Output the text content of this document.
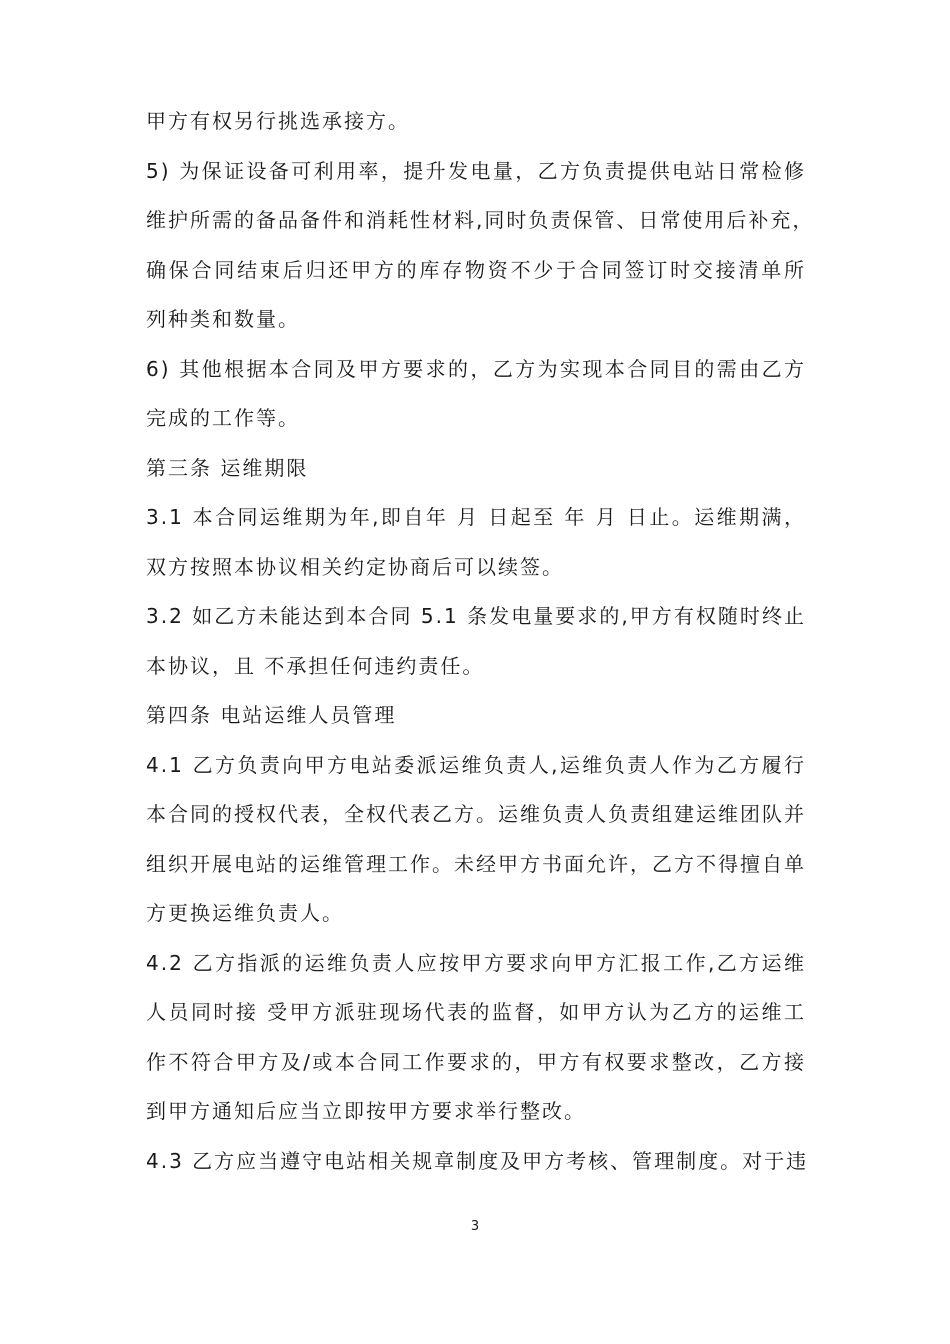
甲方有权另行挑选承接方。
5) 为保证设备可利用率，提升发电量，乙方负责提供电站日常检修
维护所需的备品备件和消耗性材料,同时负责保管、日常使用后补充，
确保合同结束后归还甲方的库存物资不少于合同签订时交接清单所
列种类和数量。
6) 其他根据本合同及甲方要求的，乙方为实现本合同目的需由乙方
完成的工作等。
第三条 运维期限
3.1 本合同运维期为年,即自年 月 日起至 年 月 日止。运维期满，
双方按照本协议相关约定协商后可以续签。
3.2 如乙方未能达到本合同 5.1 条发电量要求的,甲方有权随时终止
本协议，且 不承担任何违约责任。
第四条 电站运维人员管理
4.1 乙方负责向甲方电站委派运维负责人,运维负责人作为乙方履行
本合同的授权代表，全权代表乙方。运维负责人负责组建运维团队并
组织开展电站的运维管理工作。未经甲方书面允许，乙方不得擅自单
方更换运维负责人。
4.2 乙方指派的运维负责人应按甲方要求向甲方汇报工作,乙方运维
人员同时接 受甲方派驻现场代表的监督，如甲方认为乙方的运维工
作不符合甲方及/或本合同工作要求的，甲方有权要求整改，乙方接
到甲方通知后应当立即按甲方要求举行整改。
4.3 乙方应当遵守电站相关规章制度及甲方考核、管理制度。对于违
3
